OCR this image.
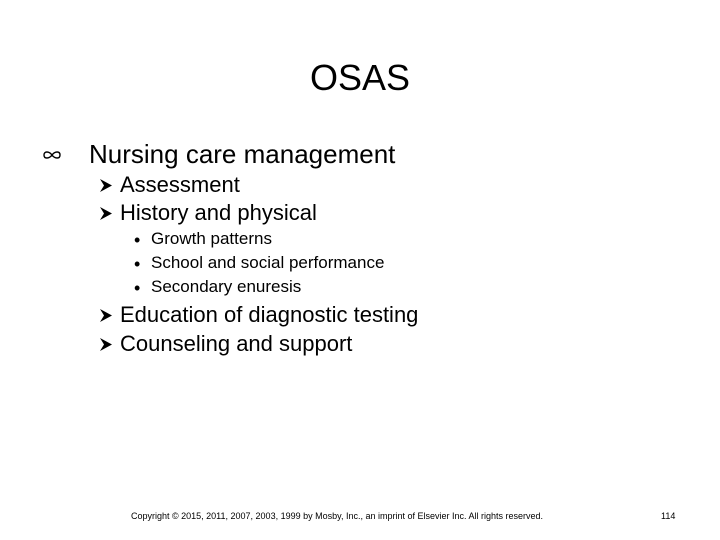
OSAS
Nursing care management
Assessment
History and physical
• Growth patterns
• School and social performance
• Secondary enuresis
Education of diagnostic testing
Counseling and support
Copyright © 2015, 2011, 2007, 2003, 1999 by Mosby, Inc., an imprint of Elsevier Inc. All rights reserved.	114
